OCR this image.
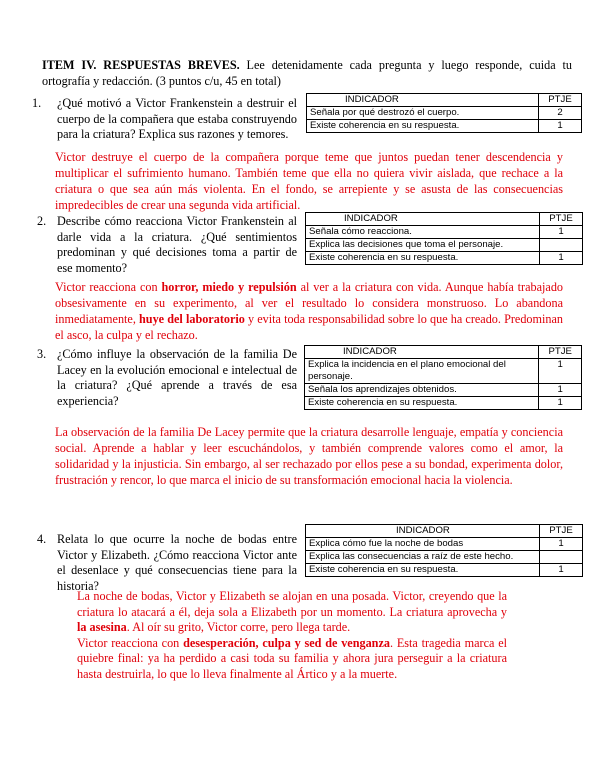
ITEM IV. RESPUESTAS BREVES. Lee detenidamente cada pregunta y luego responde, cuida tu ortografía y redacción. (3 puntos c/u, 45 en total)
1. ¿Qué motivó a Victor Frankenstein a destruir el cuerpo de la compañera que estaba construyendo para la criatura? Explica sus razones y temores.
INDICADOR	PTJE
Señala por qué destrozó el cuerpo.	2
Existe coherencia en su respuesta.	1
Victor destruye el cuerpo de la compañera porque teme que juntos puedan tener descendencia y multiplicar el sufrimiento humano. También teme que ella no quiera vivir aislada, que rechace a la criatura o que sea aún más violenta. En el fondo, se arrepiente y se asusta de las consecuencias impredecibles de crear una segunda vida artificial.
2. Describe cómo reacciona Victor Frankenstein al darle vida a la criatura. ¿Qué sentimientos predominan y qué decisiones toma a partir de ese momento?
INDICADOR	PTJE
Señala cómo reacciona.	1
Explica las decisiones que toma el personaje.	
Existe coherencia en su respuesta.	1
Victor reacciona con horror, miedo y repulsión al ver a la criatura con vida. Aunque había trabajado obsesivamente en su experimento, al ver el resultado lo considera monstruoso. Lo abandona inmediatamente, huye del laboratorio y evita toda responsabilidad sobre lo que ha creado. Predominan el asco, la culpa y el rechazo.
3. ¿Cómo influye la observación de la familia De Lacey en la evolución emocional e intelectual de la criatura? ¿Qué aprende a través de esa experiencia?
INDICADOR	PTJE
Explica la incidencia en el plano emocional del personaje.	1
Señala los aprendizajes obtenidos.	1
Existe coherencia en su respuesta.	1
La observación de la familia De Lacey permite que la criatura desarrolle lenguaje, empatía y conciencia social. Aprende a hablar y leer escuchándolos, y también comprende valores como el amor, la solidaridad y la injusticia. Sin embargo, al ser rechazado por ellos pese a su bondad, experimenta dolor, frustración y rencor, lo que marca el inicio de su transformación emocional hacia la violencia.
4. Relata lo que ocurre la noche de bodas entre Victor y Elizabeth. ¿Cómo reacciona Victor ante el desenlace y qué consecuencias tiene para la historia?
INDICADOR	PTJE
Explica cómo fue la noche de bodas	1
Explica las consecuencias a raíz de este hecho.	
Existe coherencia en su respuesta.	1
La noche de bodas, Victor y Elizabeth se alojan en una posada. Victor, creyendo que la criatura lo atacará a él, deja sola a Elizabeth por un momento. La criatura aprovecha y la asesina. Al oír su grito, Victor corre, pero llega tarde.
Victor reacciona con desesperación, culpa y sed de venganza. Esta tragedia marca el quiebre final: ya ha perdido a casi toda su familia y ahora jura perseguir a la criatura hasta destruirla, lo que lo lleva finalmente al Ártico y a la muerte.
